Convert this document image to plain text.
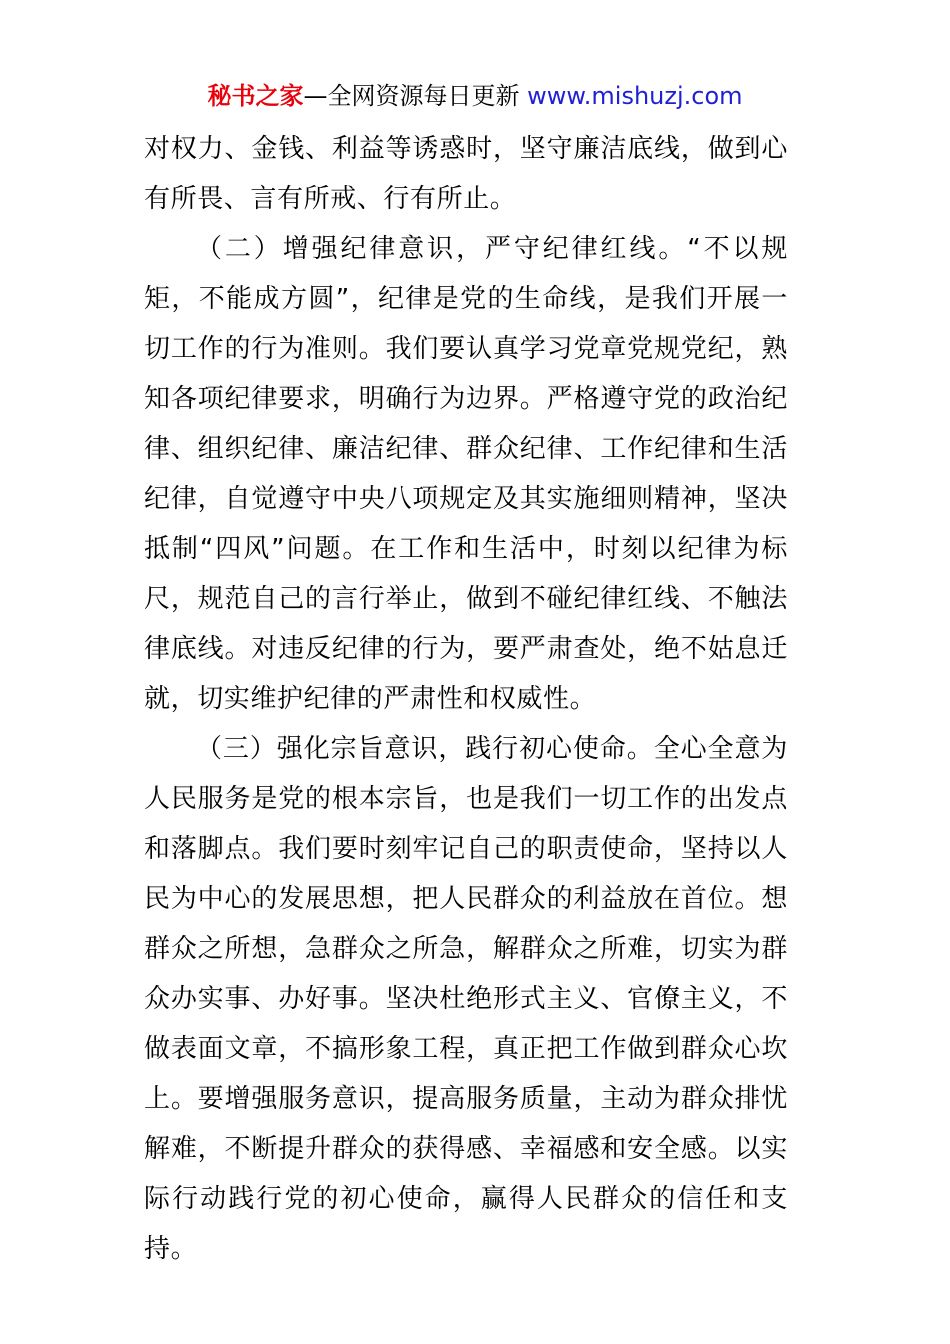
秘书之家—全网资源每日更新 www.mishuzj.com

对权力、金钱、利益等诱惑时，坚守廉洁底线，做到心有所畏、言有所戒、行有所止。

（二）增强纪律意识，严守纪律红线。“不以规矩，不能成方圆”，纪律是党的生命线，是我们开展一切工作的行为准则。我们要认真学习党章党规党纪，熟知各项纪律要求，明确行为边界。严格遵守党的政治纪律、组织纪律、廉洁纪律、群众纪律、工作纪律和生活纪律，自觉遵守中央八项规定及其实施细则精神，坚决抵制“四风”问题。在工作和生活中，时刻以纪律为标尺，规范自己的言行举止，做到不碰纪律红线、不触法律底线。对违反纪律的行为，要严肃查处，绝不姑息迁就，切实维护纪律的严肃性和权威性。

（三）强化宗旨意识，践行初心使命。全心全意为人民服务是党的根本宗旨，也是我们一切工作的出发点和落脚点。我们要时刻牢记自己的职责使命，坚持以人民为中心的发展思想，把人民群众的利益放在首位。想群众之所想，急群众之所急，解群众之所难，切实为群众办实事、办好事。坚决杜绝形式主义、官僚主义，不做表面文章，不搞形象工程，真正把工作做到群众心坎上。要增强服务意识，提高服务质量，主动为群众排忧解难，不断提升群众的获得感、幸福感和安全感。以实际行动践行党的初心使命，赢得人民群众的信任和支持。
